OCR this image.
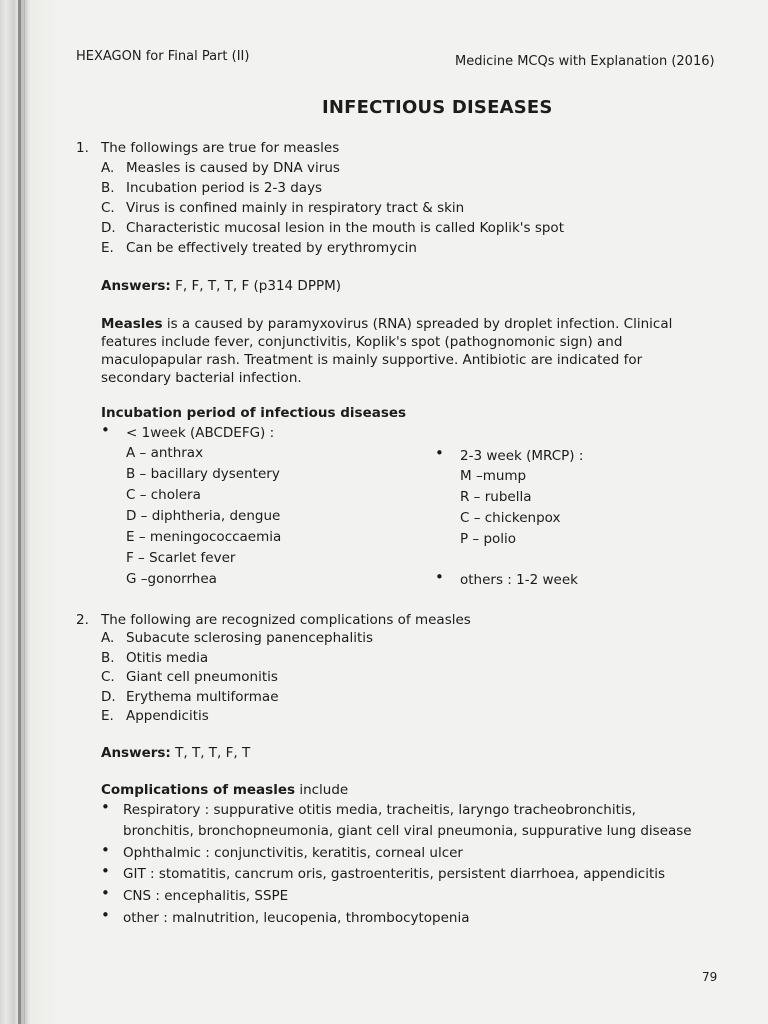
HEXAGON for Final Part (II)	Medicine MCQs with Explanation (2016)
INFECTIOUS DISEASES
1. The followings are true for measles
A. Measles is caused by DNA virus
B. Incubation period is 2-3 days
C. Virus is confined mainly in respiratory tract & skin
D. Characteristic mucosal lesion in the mouth is called Koplik's spot
E. Can be effectively treated by erythromycin
Answers: F, F, T, T, F (p314 DPPM)
Measles is a caused by paramyxovirus (RNA) spreaded by droplet infection. Clinical
features include fever, conjunctivitis, Koplik's spot (pathognomonic sign) and
maculopapular rash. Treatment is mainly supportive. Antibiotic are indicated for
secondary bacterial infection.
Incubation period of infectious diseases
• < 1week (ABCDEFG) :
A – anthrax
B – bacillary dysentery
C – cholera
D – diphtheria, dengue
E – meningococcaemia
F – Scarlet fever
G –gonorrhea
• 2-3 week (MRCP) :
M –mump
R – rubella
C – chickenpox
P – polio
• others : 1-2 week
2. The following are recognized complications of measles
A. Subacute sclerosing panencephalitis
B. Otitis media
C. Giant cell pneumonitis
D. Erythema multiformae
E. Appendicitis
Answers: T, T, T, F, T
Complications of measles include
• Respiratory : suppurative otitis media, tracheitis, laryngo tracheobronchitis,
bronchitis, bronchopneumonia, giant cell viral pneumonia, suppurative lung disease
• Ophthalmic : conjunctivitis, keratitis, corneal ulcer
• GIT : stomatitis, cancrum oris, gastroenteritis, persistent diarrhoea, appendicitis
• CNS : encephalitis, SSPE
• other : malnutrition, leucopenia, thrombocytopenia
79
